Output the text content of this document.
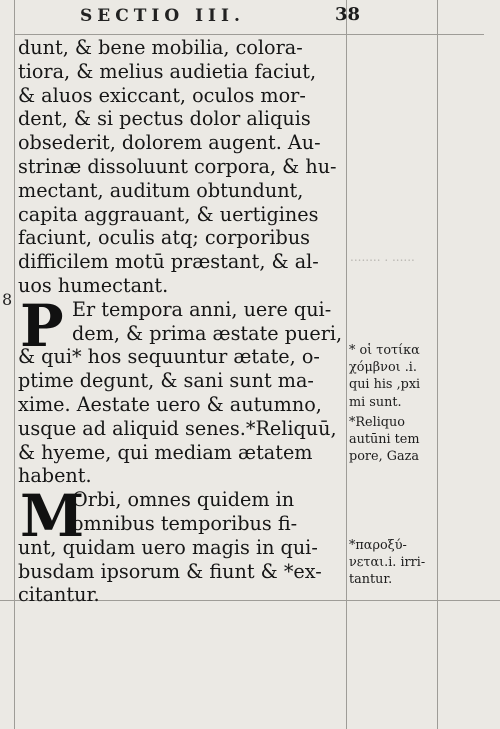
........ . ......
SECTIO III.	38
8
dunt, & bene mobilia, colora-
tiora, & melius audietia faciut,
& aluos exiccant, oculos mor-
dent, & si pectus dolor aliquis
obsederit, dolorem augent. Au-
strinæ dissoluunt corpora, & hu-
mectant, auditum obtundunt,
capita aggrauant, & uertigines
faciunt, oculis atq; corporibus
difficilem motū præstant, & al-
uos humectant.
P Er tempora anni, uere qui-
dem, & prima æstate pueri,
& qui* hos sequuntur ætate, o-
ptime degunt, & sani sunt ma-
xime. Aestate uero & autumno,
usque ad aliquid senes.*Reliquū,
& hyeme, qui mediam ætatem
habent.
M
Orbi, omnes quidem in
omnibus temporibus fi-
unt, quidam uero magis in qui-
busdam ipsorum & fiunt & *ex-
citantur.
* οἱ τοτίκα
χόμβνοι .i.
qui his ,pxi
mi sunt.
*Reliquo
autūni tem
pore, Gaza
*παροξύ-
νεται.i. irri-
tantur.
